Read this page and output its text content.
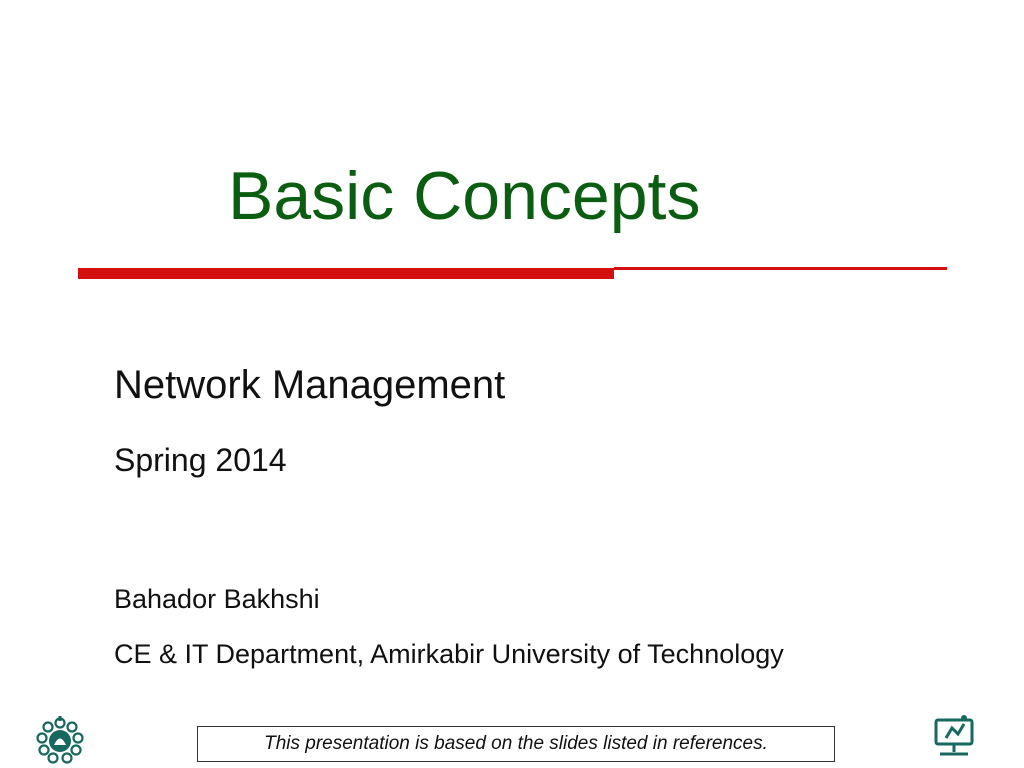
Basic Concepts

Network Management

Spring 2014

Bahador Bakhshi

CE & IT Department, Amirkabir University of Technology

This presentation is based on the slides listed in references.
